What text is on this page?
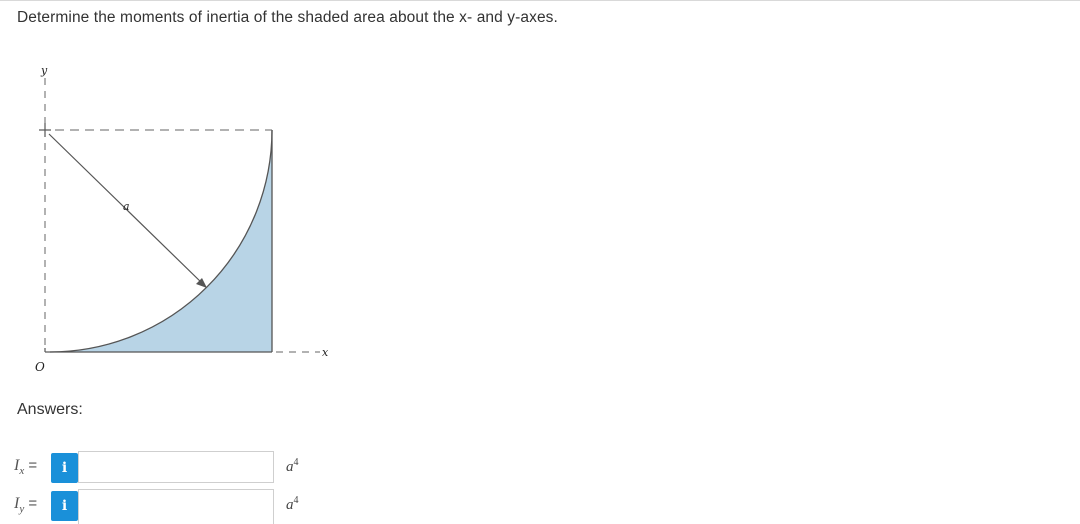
Determine the moments of inertia of the shaded area about the x- and y-axes.
y
x
O
a
Answers:
$I_x$ =	i	$a^4$
$I_y$ =	i	$a^4$
